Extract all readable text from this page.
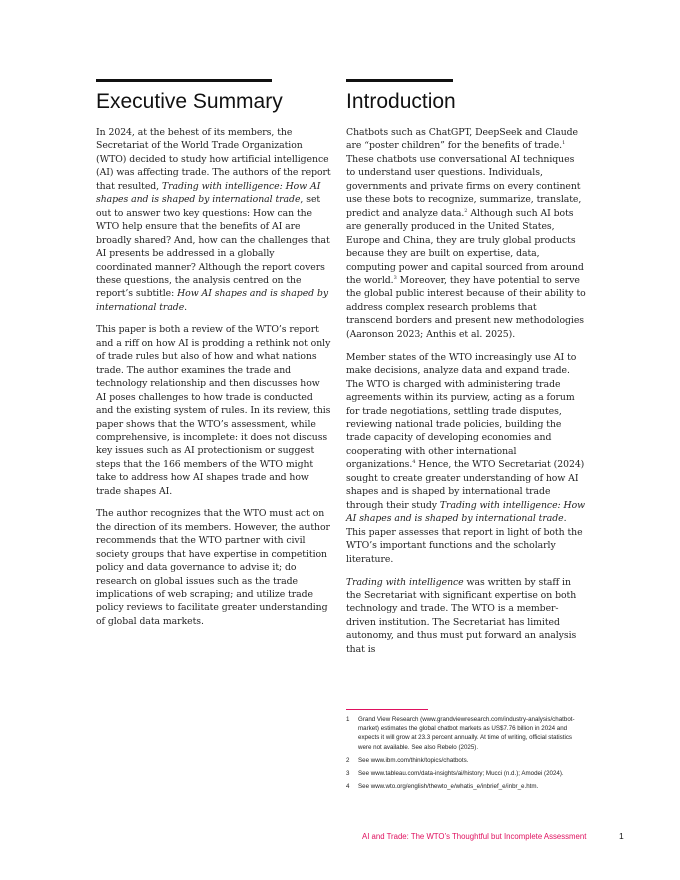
Executive Summary

In 2024, at the behest of its members, the Secretariat of the World Trade Organization (WTO) decided to study how artificial intelligence (AI) was affecting trade. The authors of the report that resulted, Trading with intelligence: How AI shapes and is shaped by international trade, set out to answer two key questions: How can the WTO help ensure that the benefits of AI are broadly shared? And, how can the challenges that AI presents be addressed in a globally coordinated manner? Although the report covers these questions, the analysis centred on the report’s subtitle: How AI shapes and is shaped by international trade.

This paper is both a review of the WTO’s report and a riff on how AI is prodding a rethink not only of trade rules but also of how and what nations trade. The author examines the trade and technology relationship and then discusses how AI poses challenges to how trade is conducted and the existing system of rules. In its review, this paper shows that the WTO’s assessment, while comprehensive, is incomplete: it does not discuss key issues such as AI protectionism or suggest steps that the 166 members of the WTO might take to address how AI shapes trade and how trade shapes AI.

The author recognizes that the WTO must act on the direction of its members. However, the author recommends that the WTO partner with civil society groups that have expertise in competition policy and data governance to advise it; do research on global issues such as the trade implications of web scraping; and utilize trade policy reviews to facilitate greater understanding of global data markets.

Introduction

Chatbots such as ChatGPT, DeepSeek and Claude are “poster children” for the benefits of trade.$^1$ These chatbots use conversational AI techniques to understand user questions. Individuals, governments and private firms on every continent use these bots to recognize, summarize, translate, predict and analyze data.$^2$ Although such AI bots are generally produced in the United States, Europe and China, they are truly global products because they are built on expertise, data, computing power and capital sourced from around the world.$^3$ Moreover, they have potential to serve the global public interest because of their ability to address complex research problems that transcend borders and present new methodologies (Aaronson 2023; Anthis et al. 2025).

Member states of the WTO increasingly use AI to make decisions, analyze data and expand trade. The WTO is charged with administering trade agreements within its purview, acting as a forum for trade negotiations, settling trade disputes, reviewing national trade policies, building the trade capacity of developing economies and cooperating with other international organizations.$^4$ Hence, the WTO Secretariat (2024) sought to create greater understanding of how AI shapes and is shaped by international trade through their study Trading with intelligence: How AI shapes and is shaped by international trade. This paper assesses that report in light of both the WTO’s important functions and the scholarly literature.

Trading with intelligence was written by staff in the Secretariat with significant expertise on both technology and trade. The WTO is a member-driven institution. The Secretariat has limited autonomy, and thus must put forward an analysis that is

1	Grand View Research (www.grandviewresearch.com/industry-analysis/chatbot-market) estimates the global chatbot markets as US$7.76 billion in 2024 and expects it will grow at 23.3 percent annually. At time of writing, official statistics were not available. See also Rebelo (2025).
2	See www.ibm.com/think/topics/chatbots.
3	See www.tableau.com/data-insights/ai/history; Mucci (n.d.); Amodei (2024).
4	See www.wto.org/english/thewto_e/whatis_e/inbrief_e/inbr_e.htm.
AI and Trade: The WTO’s Thoughtful but Incomplete Assessment	1
